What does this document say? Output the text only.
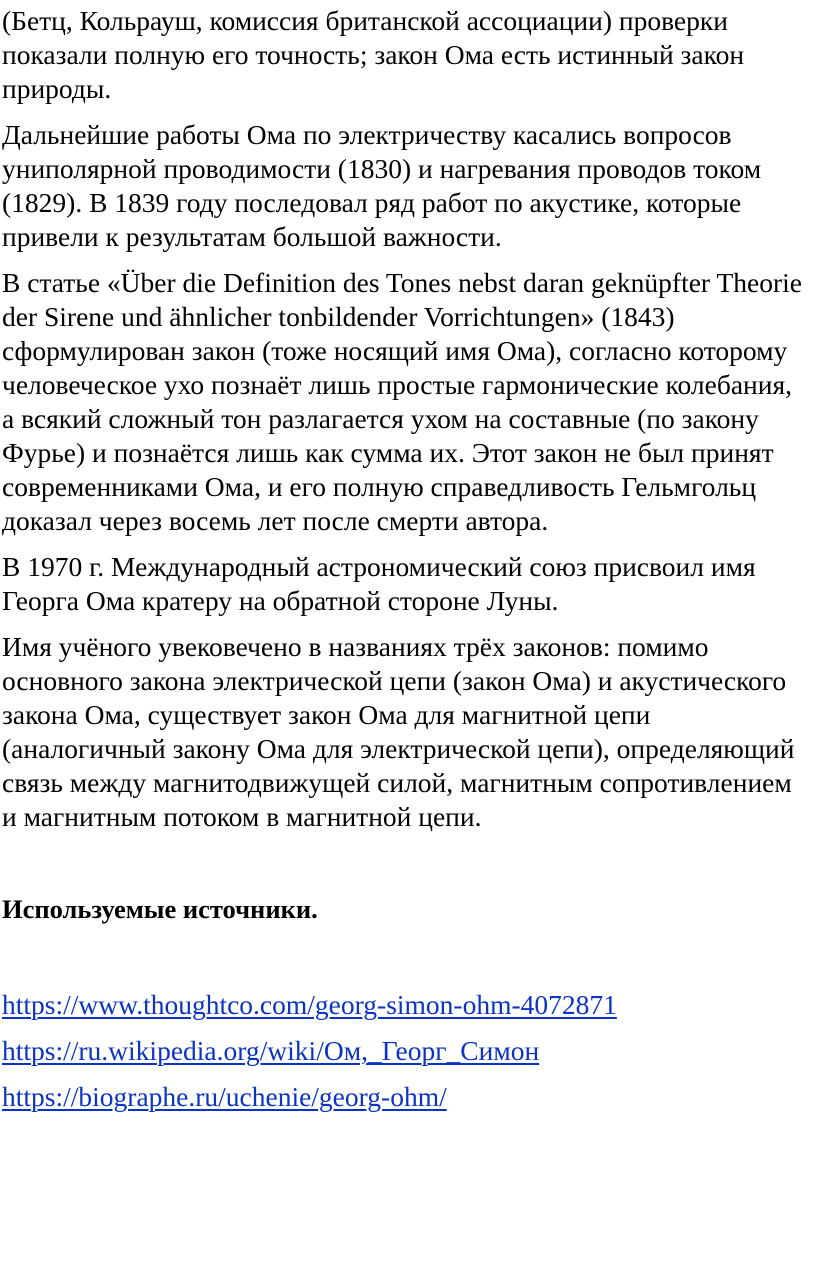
(Бетц, Кольрауш, комиссия британской ассоциации) проверки
показали полную его точность; закон Ома есть истинный закон
природы.

Дальнейшие работы Ома по электричеству касались вопросов
униполярной проводимости (1830) и нагревания проводов током
(1829). В 1839 году последовал ряд работ по акустике, которые
привели к результатам большой важности.

В статье «Über die Definition des Tones nebst daran geknüpfter Theorie
der Sirene und ähnlicher tonbildender Vorrichtungen» (1843)
сформулирован закон (тоже носящий имя Ома), согласно которому
человеческое ухо познаёт лишь простые гармонические колебания,
а всякий сложный тон разлагается ухом на составные (по закону
Фурье) и познаётся лишь как сумма их. Этот закон не был принят
современниками Ома, и его полную справедливость Гельмгольц
доказал через восемь лет после смерти автора.

В 1970 г. Международный астрономический союз присвоил имя
Георга Ома кратеру на обратной стороне Луны.

Имя учёного увековечено в названиях трёх законов: помимо
основного закона электрической цепи (закон Ома) и акустического
закона Ома, существует закон Ома для магнитной цепи
(аналогичный закону Ома для электрической цепи), определяющий
связь между магнитодвижущей силой, магнитным сопротивлением
и магнитным потоком в магнитной цепи.

Используемые источники.

https://www.thoughtco.com/georg-simon-ohm-4072871
https://ru.wikipedia.org/wiki/Ом,_Георг_Симон
https://biographe.ru/uchenie/georg-ohm/
